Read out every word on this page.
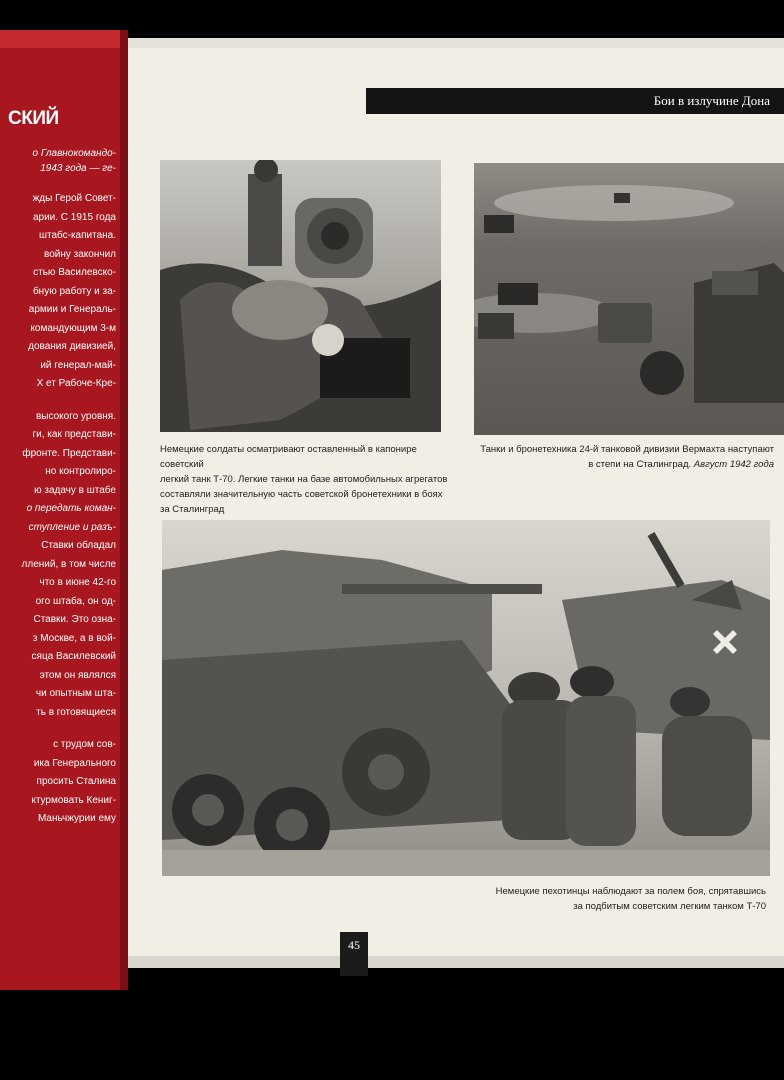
СКИЙ
о Главнокомандо-
1943 года — ге-
жды Герой Совет-
арии. С 1915 года
штабс-капитана.
войну закончил
стью Василевско-
бную работу и за-
армии и Генераль-
командующим 3-м
дования дивизией,
ий генерал-май-
Х ет Рабоче-Кре-
высокого уровня.
ги, как представи-
фронте. Представи-
но контролиро-
ю задачу в штабе
о передать коман-
ступление и разъ-
Ставки обладал
ллений, в том числе
что в июне 42-го
ого штаба, он од-
Ставки. Это озна-
з Москве, а в вой-
сяца Василевский
этом он являлся
чи опытным шта-
ть в готовящиеся
с трудом сов-
ика Генерального
просить Сталина
ктурмовать Кениг-
Маньчжурии ему
Бои в излучине Дона
Немецкие солдаты осматривают оставленный в капонире советский
легкий танк Т-70. Легкие танки на базе автомобильных агрегатов
составляли значительную часть советской бронетехники в боях
за Сталинград
Танки и бронетехника 24-й танковой дивизии Вермахта наступают
в степи на Сталинград. Август 1942 года
Немецкие пехотинцы наблюдают за полем боя, спрятавшись
за подбитым советским легким танком Т-70
45
